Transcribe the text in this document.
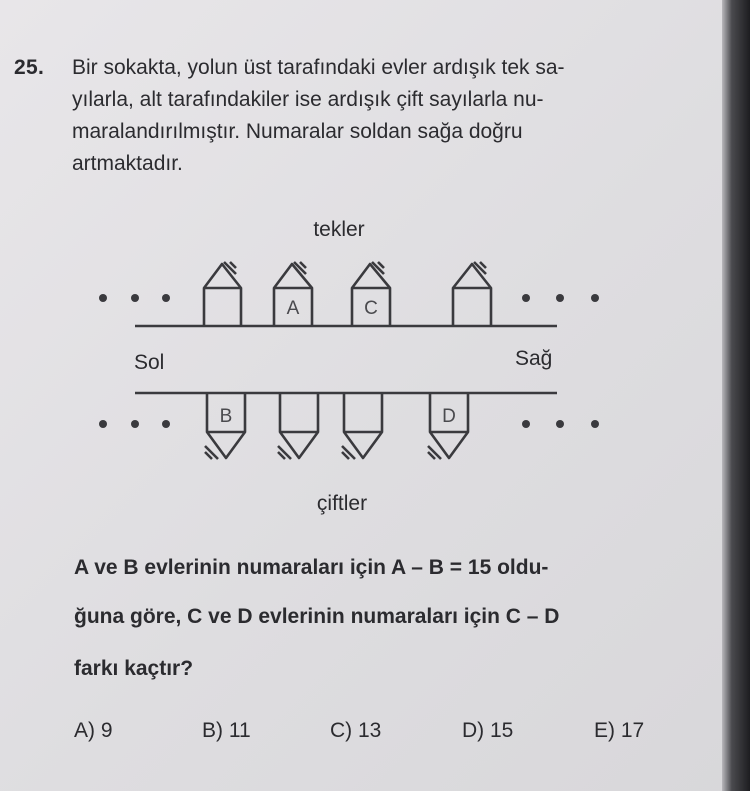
25. Bir sokakta, yolun üst tarafındaki evler ardışık tek sa-
yılarla, alt tarafındakiler ise ardışık çift sayılarla nu-
maralandırılmıştır. Numaralar soldan sağa doğru
artmaktadır.
tekler
çiftler
Sol	Sağ
A	C
B	D
A ve B evlerinin numaraları için A – B = 15 oldu-
ğuna göre, C ve D evlerinin numaraları için C – D
farkı kaçtır?
A) 9	B) 11	C) 13	D) 15	E) 17
